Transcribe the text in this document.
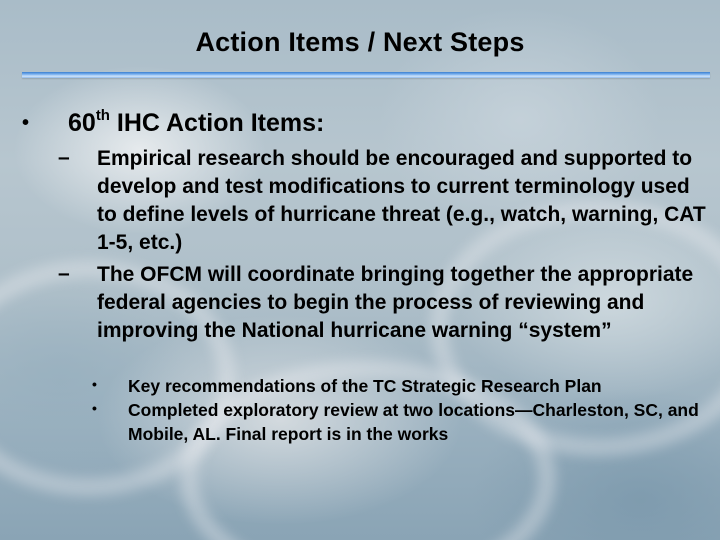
Action Items / Next Steps
• 60th IHC Action Items:
– Empirical research should be encouraged and supported to develop and test modifications to current terminology used to define levels of hurricane threat (e.g., watch, warning, CAT 1-5, etc.)
– The OFCM will coordinate bringing together the appropriate federal agencies to begin the process of reviewing and improving the National hurricane warning “system”
• Key recommendations of the TC Strategic Research Plan
• Completed exploratory review at two locations—Charleston, SC, and Mobile, AL. Final report is in the works
